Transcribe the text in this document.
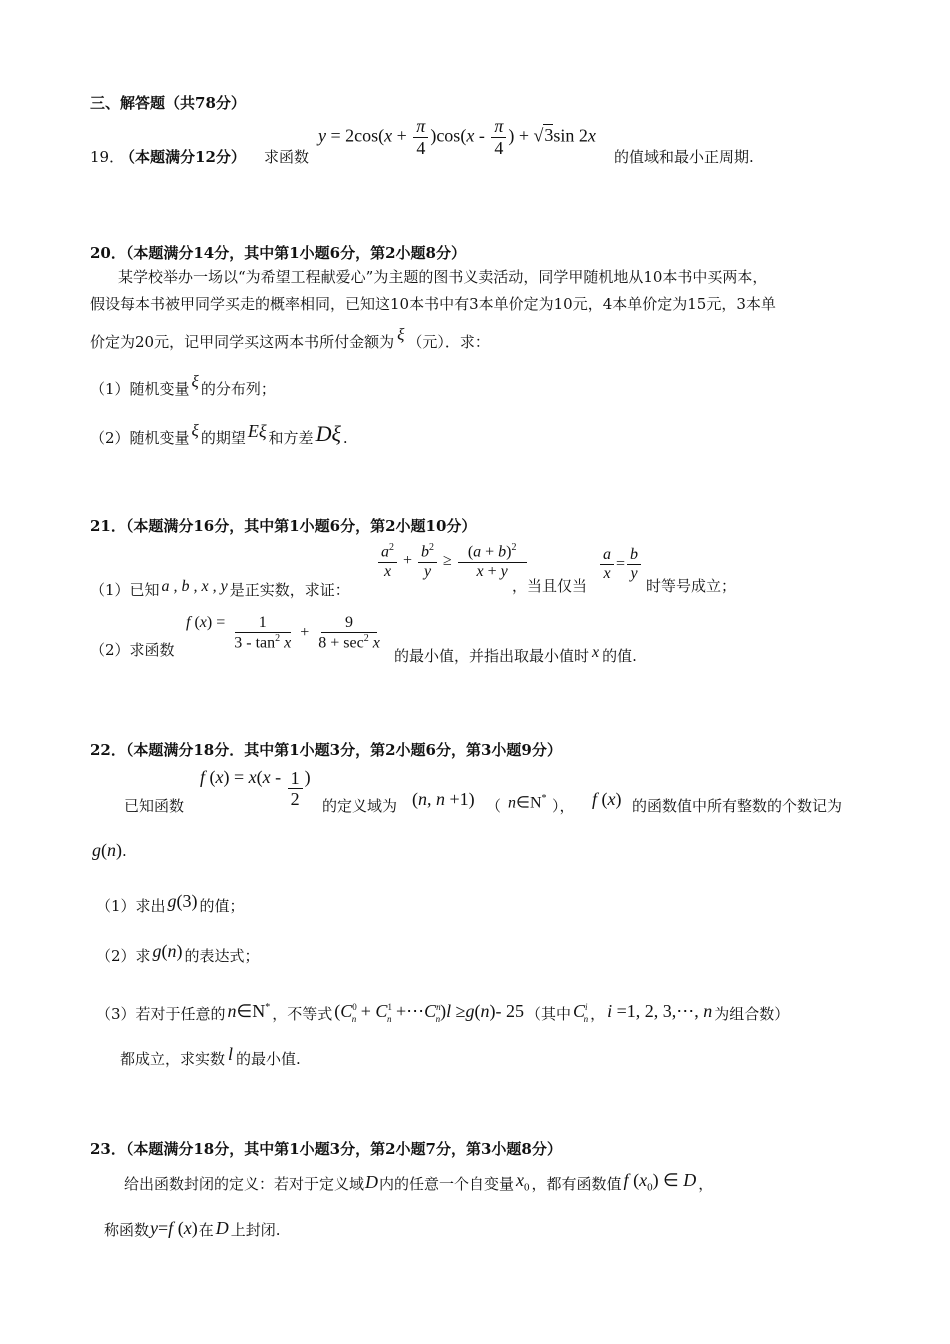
三、解答题（共78分）
19．
（本题满分12分） 求函数
$y = 2\cos(x + \frac{\pi}{4} )\cos(x - \frac{\pi}{4}$ ) + √3sin 2x
的值域和最小正周期.
20．（本题满分14分，其中第1小题6分，第2小题8分）
某学校举办一场以“为希望工程献爱心”为主题的图书义卖活动，同学甲随机地从10本书中买两本，
假设每本书被甲同学买走的概率相同，已知这10本书中有3本单价定为10元，4本单价定为15元，3本单
价定为20元，记甲同学买这两本书所付金额为 ξ （元）．求：
（1）随机变量 ξ 的分布列；
（2）随机变量 ξ 的期望 Eξ 和方差Dξ .
21．（本题满分16分，其中第1小题6分，第2小题10分）
（1）已知 a , b , x , y 是正实数，求证：
$\frac{a^2}{x} + \frac{b^2}{y} \ge \frac{(a + b)^2}{x + y}$
，当且仅当
$\frac{a}{x} = \frac{b}{y}$
时等号成立；
（2）求函数
f $(x) = \frac{1}{3 - \tan^2 x} + \frac{9}{8 + \sec^2 x}$
的最小值，并指出取最小值时 x 的值.
22．（本题满分18分．其中第1小题3分，第2小题6分，第3小题9分）
已知函数
f $(x) = x(x - \frac{1}{2}$ )
的定义域为 (n, n +1) （ n∈N* ）， f (x) 的函数值中所有整数的个数记为
g(n).
（1）求出 g(3) 的值；
（2）求 g(n) 的表达式；
（3）若对于任意的 n∈N* ，不等式 ($C^0_n + C^1_n$ $+\cdots C^n_n)l \ge g(n)-$ 25 （其中 $C^i_n$ ， i =1, 2, 3,⋯, n 为组合数）
都成立，求实数 l 的最小值.
23．（本题满分18分，其中第1小题3分，第2小题7分，第3小题8分）
给出函数封闭的定义：若对于定义域D内的任意一个自变量 $x_0$ ，都有函数值 f $(x_0)$ ∈ D ，
称函数y=f (x)在 D 上封闭.
